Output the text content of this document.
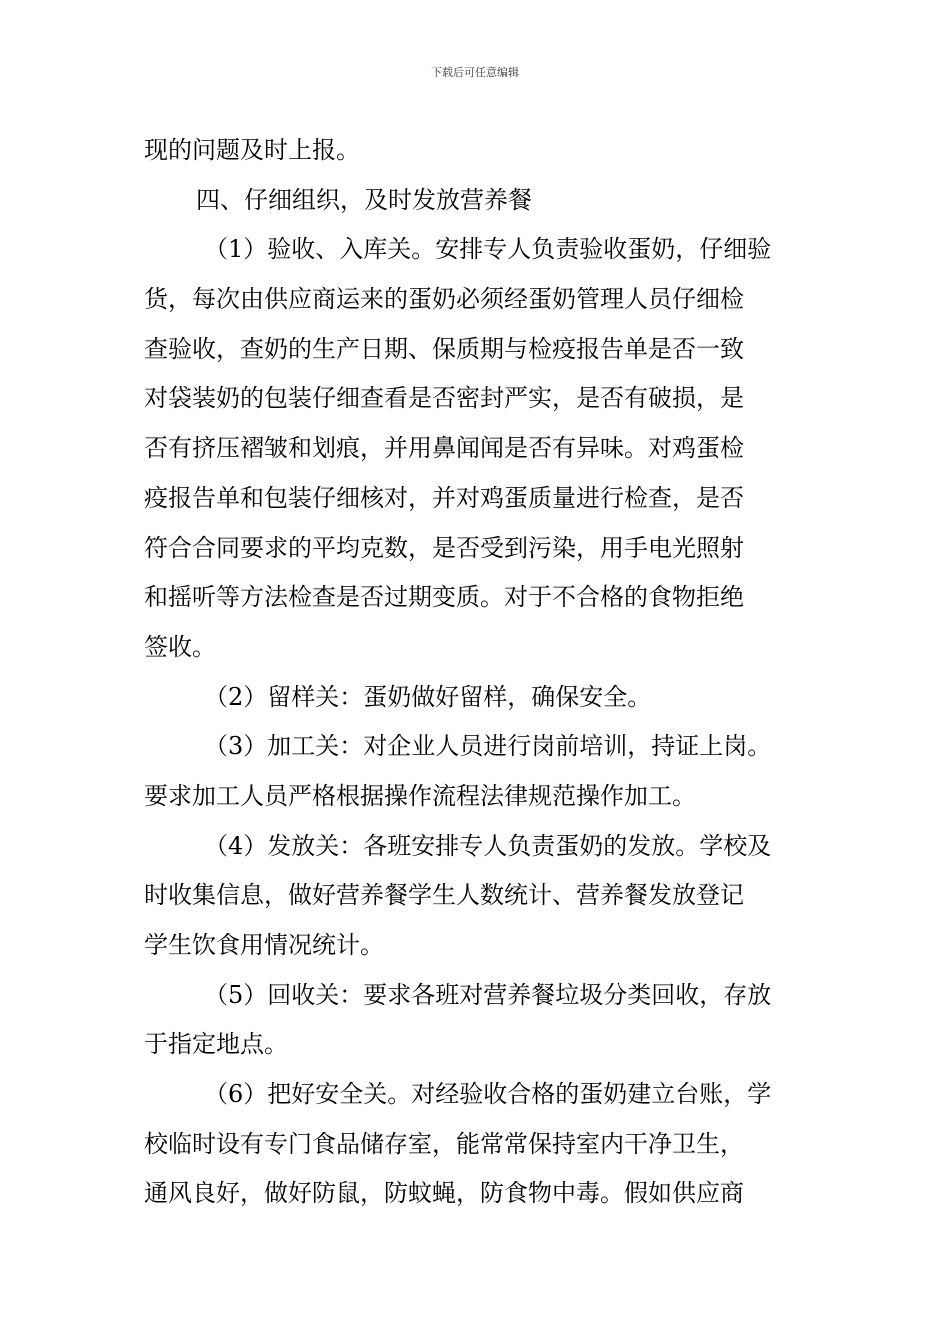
下载后可任意编辑
现的问题及时上报。
四、仔细组织，及时发放营养餐
（1）验收、入库关。安排专人负责验收蛋奶，仔细验
货，每次由供应商运来的蛋奶必须经蛋奶管理人员仔细检
查验收，查奶的生产日期、保质期与检疫报告单是否一致
对袋装奶的包装仔细查看是否密封严实，是否有破损，是
否有挤压褶皱和划痕，并用鼻闻闻是否有异味。对鸡蛋检
疫报告单和包装仔细核对，并对鸡蛋质量进行检查，是否
符合合同要求的平均克数，是否受到污染，用手电光照射
和摇听等方法检查是否过期变质。对于不合格的食物拒绝
签收。
（2）留样关：蛋奶做好留样，确保安全。
（3）加工关：对企业人员进行岗前培训，持证上岗。
要求加工人员严格根据操作流程法律规范操作加工。
（4）发放关：各班安排专人负责蛋奶的发放。学校及
时收集信息，做好营养餐学生人数统计、营养餐发放登记
学生饮食用情况统计。
（5）回收关：要求各班对营养餐垃圾分类回收，存放
于指定地点。
（6）把好安全关。对经验收合格的蛋奶建立台账，学
校临时设有专门食品储存室，能常常保持室内干净卫生，
通风良好，做好防鼠，防蚊蝇，防食物中毒。假如供应商
